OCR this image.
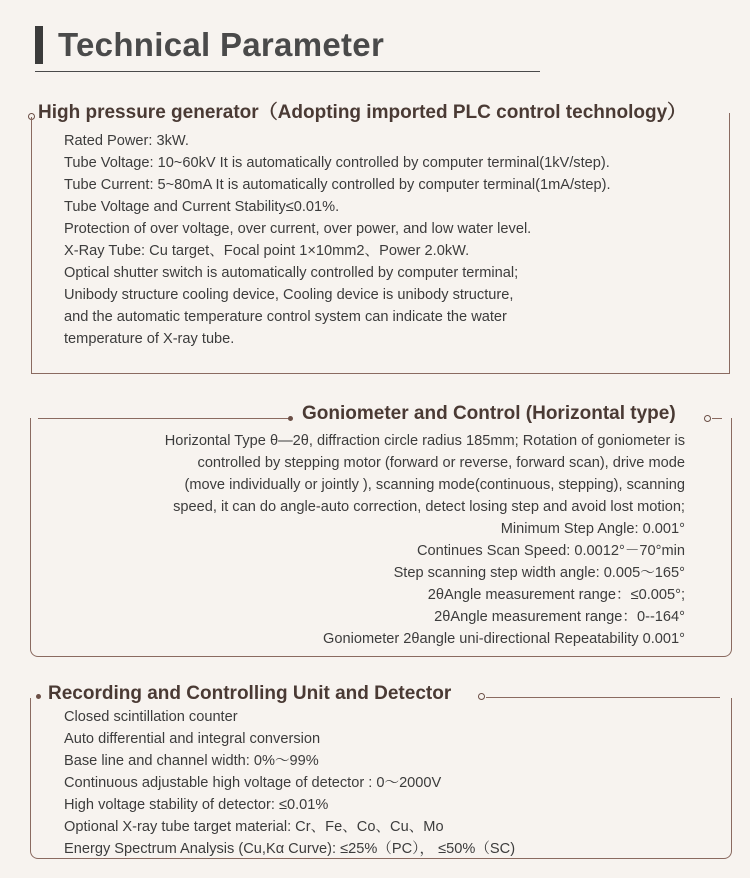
Technical Parameter
High pressure generator（Adopting imported PLC control technology）
Rated Power: 3kW.
Tube Voltage: 10~60kV It is automatically controlled by computer terminal(1kV/step).
Tube Current: 5~80mA It is automatically controlled by computer terminal(1mA/step).
Tube Voltage and Current Stability≤0.01%.
Protection of over voltage, over current, over power, and low water level.
X-Ray Tube: Cu target、Focal point 1×10mm2、Power 2.0kW.
Optical shutter switch is automatically controlled by computer terminal;
Unibody structure cooling device, Cooling device is unibody structure,
and the automatic temperature control system can indicate the water
temperature of X-ray tube.
Goniometer and Control (Horizontal type)
Horizontal Type θ—2θ, diffraction circle radius 185mm; Rotation of goniometer is
controlled by stepping motor (forward or reverse, forward scan), drive mode
(move individually or jointly ), scanning mode(continuous, stepping), scanning
speed, it can do angle-auto correction, detect losing step and avoid lost motion;
Minimum Step Angle: 0.001°
Continues Scan Speed: 0.0012°－70°min
Step scanning step width angle: 0.005～165°
2θAngle measurement range：≤0.005°;
2θAngle measurement range：0--164°
Goniometer 2θangle uni-directional Repeatability 0.001°
Recording and Controlling Unit and Detector
Closed scintillation counter
Auto differential and integral conversion
Base line and channel width: 0%～99%
Continuous adjustable high voltage of detector : 0～2000V
High voltage stability of detector: ≤0.01%
Optional X-ray tube target material: Cr、Fe、Co、Cu、Mo
Energy Spectrum Analysis (Cu,Kα Curve): ≤25%（PC）， ≤50%（SC)
